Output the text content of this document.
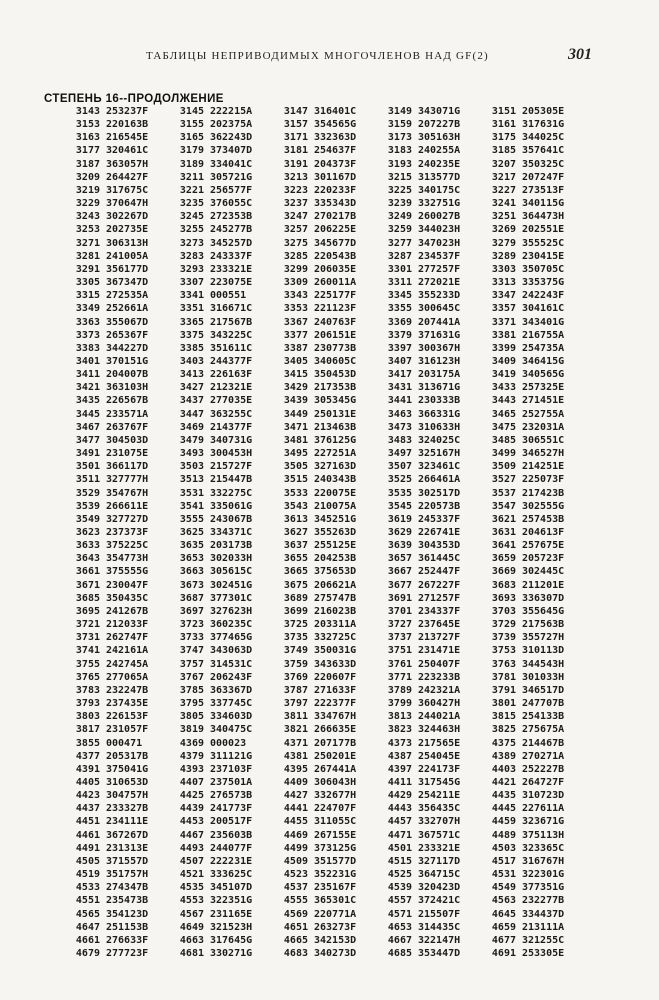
ТАБЛИЦЫ НЕПРИВОДИМЫХ МНОГОЧЛЕНОВ НАД GF(2)	301
СТЕПЕНЬ 16--ПРОДОЛЖЕНИЕ
3143 253237F	3145 222215A	3147 316401C	3149 343071G	3151 205305E
3153 220163B	3155 202375A	3157 354565G	3159 207227B	3161 317631G
3163 216545E	3165 362243D	3171 332363D	3173 305163H	3175 344025C
3177 320461C	3179 373407D	3181 254637F	3183 240255A	3185 357641C
3187 363057H	3189 334041C	3191 204373F	3193 240235E	3207 350325C
3209 264427F	3211 305721G	3213 301167D	3215 313577D	3217 207247F
3219 317675C	3221 256577F	3223 220233F	3225 340175C	3227 273513F
3229 370647H	3235 376055C	3237 335343D	3239 332751G	3241 340115G
3243 302267D	3245 272353B	3247 270217B	3249 260027B	3251 364473H
3253 202735E	3255 245277B	3257 206225E	3259 344023H	3269 202551E
3271 306313H	3273 345257D	3275 345677D	3277 347023H	3279 355525C
3281 241005A	3283 243337F	3285 220543B	3287 234537F	3289 230415E
3291 356177D	3293 233321E	3299 206035E	3301 277257F	3303 350705C
3305 367347D	3307 223075E	3309 260011A	3311 272021E	3313 335375G
3315 272535A	3341 000551	3343 225177F	3345 355233D	3347 242243F
3349 252661A	3351 316671C	3353 221123F	3355 300645C	3357 304161C
3363 355067D	3365 217567B	3367 240763F	3369 207441A	3371 343401G
3373 265367F	3375 343225C	3377 206151E	3379 371631G	3381 216755A
3383 344227D	3385 351611C	3387 230773B	3397 300367H	3399 254735A
3401 370151G	3403 244377F	3405 340605C	3407 316123H	3409 346415G
3411 204007B	3413 226163F	3415 350453D	3417 203175A	3419 340565G
3421 363103H	3427 212321E	3429 217353B	3431 313671G	3433 257325E
3435 226567B	3437 277035E	3439 305345G	3441 230333B	3443 271451E
3445 233571A	3447 363255C	3449 250131E	3463 366331G	3465 252755A
3467 263767F	3469 214377F	3471 213463B	3473 310633H	3475 232031A
3477 304503D	3479 340731G	3481 376125G	3483 324025C	3485 306551C
3491 231075E	3493 300453H	3495 227251A	3497 325167H	3499 346527H
3501 366117D	3503 215727F	3505 327163D	3507 323461C	3509 214251E
3511 327777H	3513 215447B	3515 240343B	3525 266461A	3527 225073F
3529 354767H	3531 332275C	3533 220075E	3535 302517D	3537 217423B
3539 266611E	3541 335061G	3543 210075A	3545 220573B	3547 302555G
3549 327727D	3555 243067B	3613 345251G	3619 245337F	3621 257453B
3623 237373F	3625 334371C	3627 355263D	3629 226741E	3631 204613F
3633 375225C	3635 203173B	3637 255125E	3639 304353D	3641 257675E
3643 354773H	3653 302033H	3655 204253B	3657 361445C	3659 205723F
3661 375555G	3663 305615C	3665 375653D	3667 252447F	3669 302445C
3671 230047F	3673 302451G	3675 206621A	3677 267227F	3683 211201E
3685 350435C	3687 377301C	3689 275747B	3691 271257F	3693 336307D
3695 241267B	3697 327623H	3699 216023B	3701 234337F	3703 355645G
3721 212033F	3723 360235C	3725 203311A	3727 237645E	3729 217563B
3731 262747F	3733 377465G	3735 332725C	3737 213727F	3739 355727H
3741 242161A	3747 343063D	3749 350031G	3751 231471E	3753 310113D
3755 242745A	3757 314531C	3759 343633D	3761 250407F	3763 344543H
3765 277065A	3767 206243F	3769 220607F	3771 223233B	3781 301033H
3783 232247B	3785 363367D	3787 271633F	3789 242321A	3791 346517D
3793 237435E	3795 337745C	3797 222377F	3799 360427H	3801 247707B
3803 226153F	3805 334603D	3811 334767H	3813 244021A	3815 254133B
3817 231057F	3819 340475C	3821 266635E	3823 324463H	3825 275675A
3855 000471	4369 000023	4371 207177B	4373 217565E	4375 214467B
4377 205317B	4379 311121G	4381 250201E	4387 254045E	4389 270271A
4391 375041G	4393 237103F	4395 267441A	4397 224173F	4403 252227B
4405 310653D	4407 237501A	4409 306043H	4411 317545G	4421 264727F
4423 304757H	4425 276573B	4427 332677H	4429 254211E	4435 310723D
4437 233327B	4439 241773F	4441 224707F	4443 356435C	4445 227611A
4451 234111E	4453 200517F	4455 311055C	4457 332707H	4459 323671G
4461 367267D	4467 235603B	4469 267155E	4471 367571C	4489 375113H
4491 231313E	4493 244077F	4499 373125G	4501 233321E	4503 323365C
4505 371557D	4507 222231E	4509 351577D	4515 327117D	4517 316767H
4519 351757H	4521 333625C	4523 352231G	4525 364715C	4531 322301G
4533 274347B	4535 345107D	4537 235167F	4539 320423D	4549 377351G
4551 235473B	4553 322351G	4555 365301C	4557 372421C	4563 232277B
4565 354123D	4567 231165E	4569 220771A	4571 215507F	4645 334437D
4647 251153B	4649 321523H	4651 263273F	4653 314435C	4659 213111A
4661 276633F	4663 317645G	4665 342153D	4667 322147H	4677 321255C
4679 277723F	4681 330271G	4683 340273D	4685 353447D	4691 253305E
